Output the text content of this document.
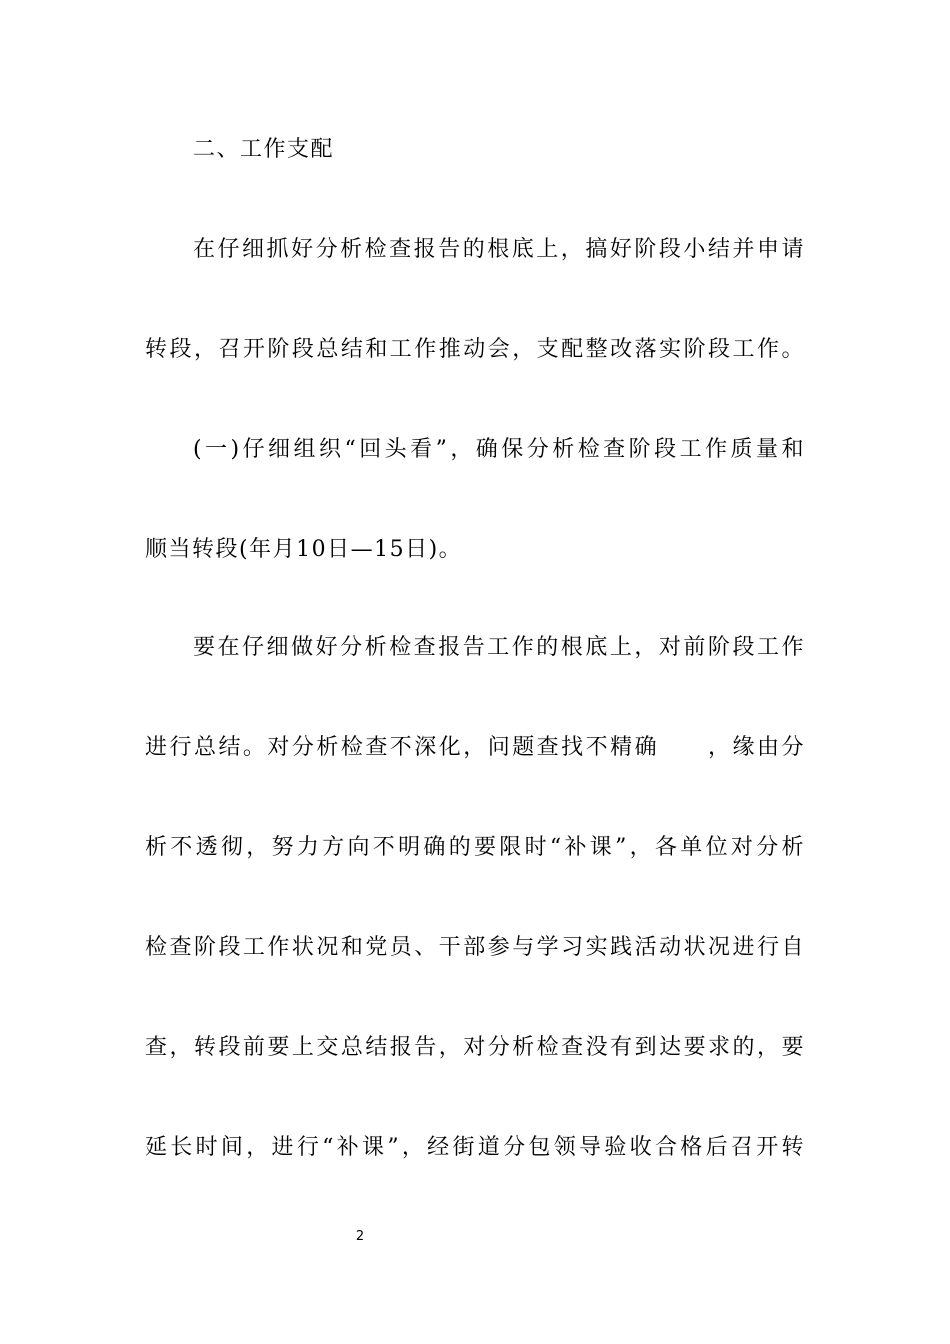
二、工作支配
在仔细抓好分析检查报告的根底上，搞好阶段小结并申请
转段，召开阶段总结和工作推动会，支配整改落实阶段工作。
(一)仔细组织“回头看”，确保分析检查阶段工作质量和
顺当转段(年月10日—15日)。
要在仔细做好分析检查报告工作的根底上，对前阶段工作
进行总结。对分析检查不深化，问题查找不精确　　，缘由分
析不透彻，努力方向不明确的要限时“补课”，各单位对分析
检查阶段工作状况和党员、干部参与学习实践活动状况进行自
查，转段前要上交总结报告，对分析检查没有到达要求的，要
延长时间，进行“补课”，经街道分包领导验收合格后召开转
2
